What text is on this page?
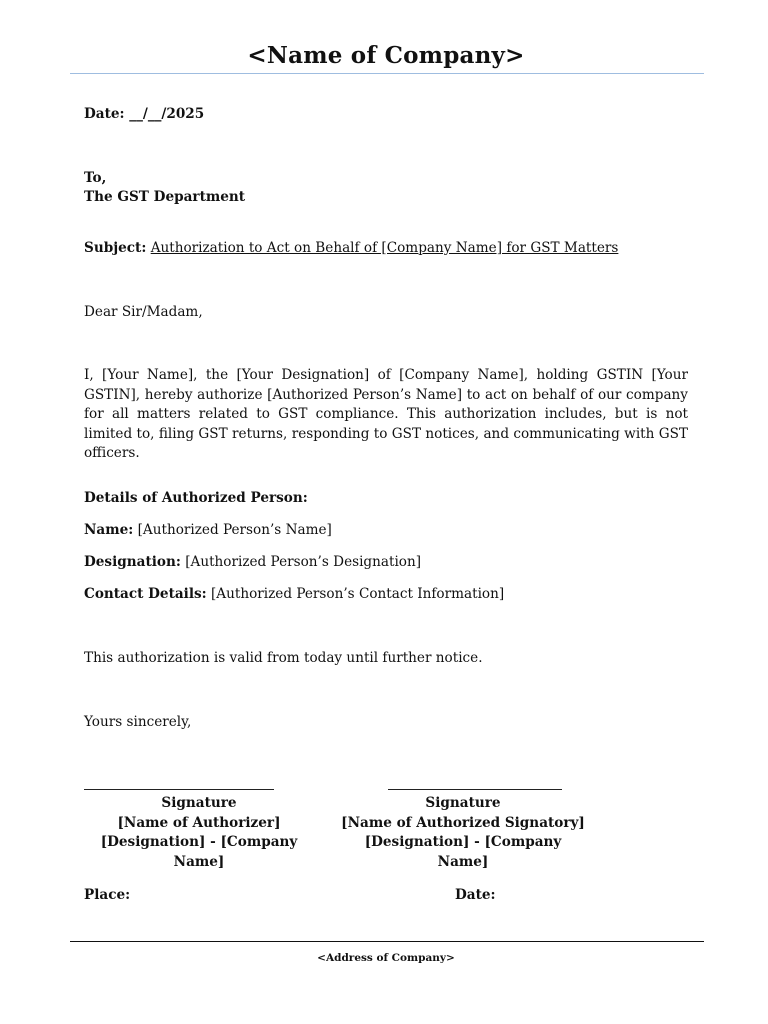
<Name of Company>
Date: __/__/2025
To,
The GST Department
Subject: Authorization to Act on Behalf of [Company Name] for GST Matters
Dear Sir/Madam,
I, [Your Name], the [Your Designation] of [Company Name], holding GSTIN [Your GSTIN], hereby authorize [Authorized Person’s Name] to act on behalf of our company for all matters related to GST compliance. This authorization includes, but is not limited to, filing GST returns, responding to GST notices, and communicating with GST officers.
Details of Authorized Person:
Name: [Authorized Person’s Name]
Designation: [Authorized Person’s Designation]
Contact Details: [Authorized Person’s Contact Information]
This authorization is valid from today until further notice.
Yours sincerely,
Signature
[Name of Authorizer]
[Designation] - [Company Name]
Signature
[Name of Authorized Signatory]
[Designation] - [Company Name]
Place:	Date:
<Address of Company>
